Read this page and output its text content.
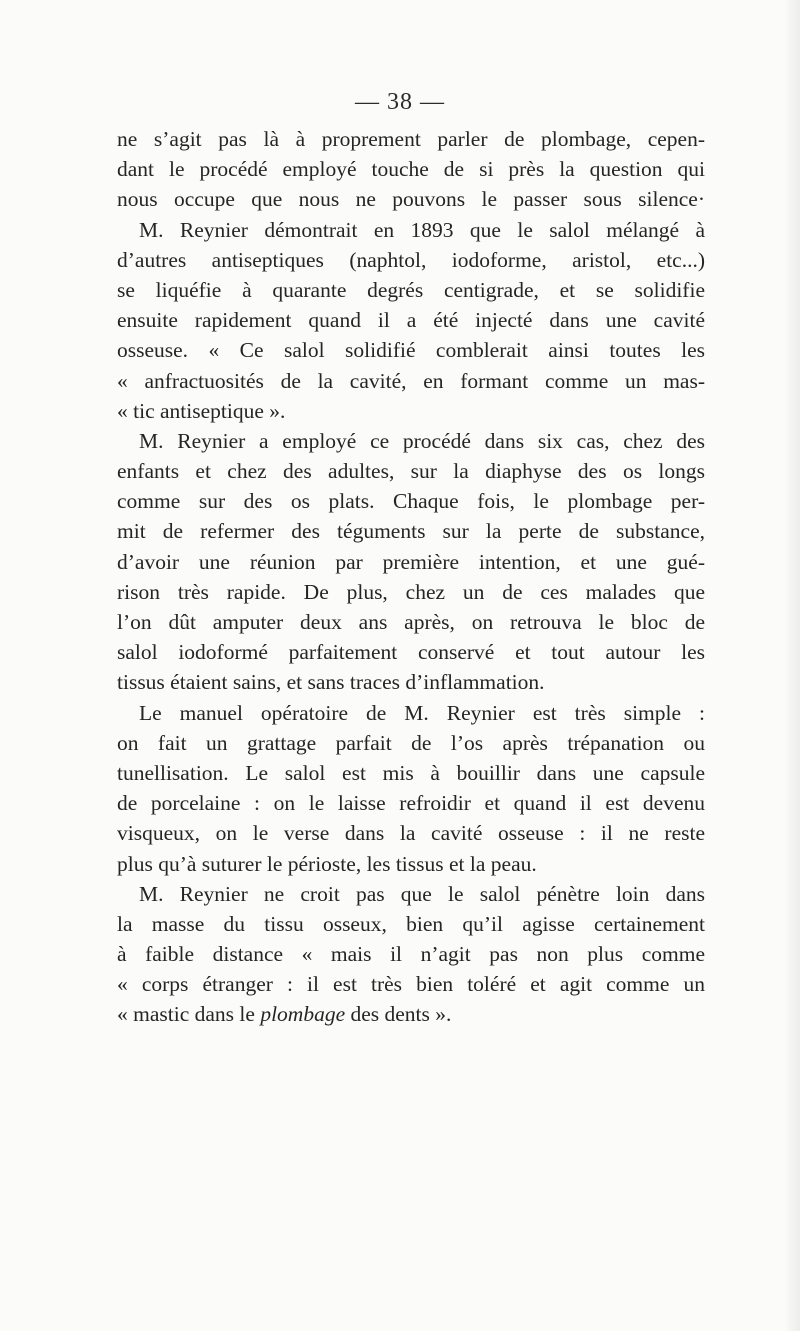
— 38 —
ne s’agit pas là à proprement parler de plombage, cepen-
dant le procédé employé touche de si près la question qui
nous occupe que nous ne pouvons le passer sous silence·
M. Reynier démontrait en 1893 que le salol mélangé à
d’autres antiseptiques (naphtol, iodoforme, aristol, etc...)
se liquéfie à quarante degrés centigrade, et se solidifie
ensuite rapidement quand il a été injecté dans une cavité
osseuse. « Ce salol solidifié comblerait ainsi toutes les
« anfractuosités de la cavité, en formant comme un mas-
« tic antiseptique ».
M. Reynier a employé ce procédé dans six cas, chez des
enfants et chez des adultes, sur la diaphyse des os longs
comme sur des os plats. Chaque fois, le plombage per-
mit de refermer des téguments sur la perte de substance,
d’avoir une réunion par première intention, et une gué-
rison très rapide. De plus, chez un de ces malades que
l’on dût amputer deux ans après, on retrouva le bloc de
salol iodoformé parfaitement conservé et tout autour les
tissus étaient sains, et sans traces d’inflammation.
Le manuel opératoire de M. Reynier est très simple :
on fait un grattage parfait de l’os après trépanation ou
tunellisation. Le salol est mis à bouillir dans une capsule
de porcelaine : on le laisse refroidir et quand il est devenu
visqueux, on le verse dans la cavité osseuse : il ne reste
plus qu’à suturer le périoste, les tissus et la peau.
M. Reynier ne croit pas que le salol pénètre loin dans
la masse du tissu osseux, bien qu’il agisse certainement
à faible distance « mais il n’agit pas non plus comme
« corps étranger : il est très bien toléré et agit comme un
« mastic dans le plombage des dents ».
